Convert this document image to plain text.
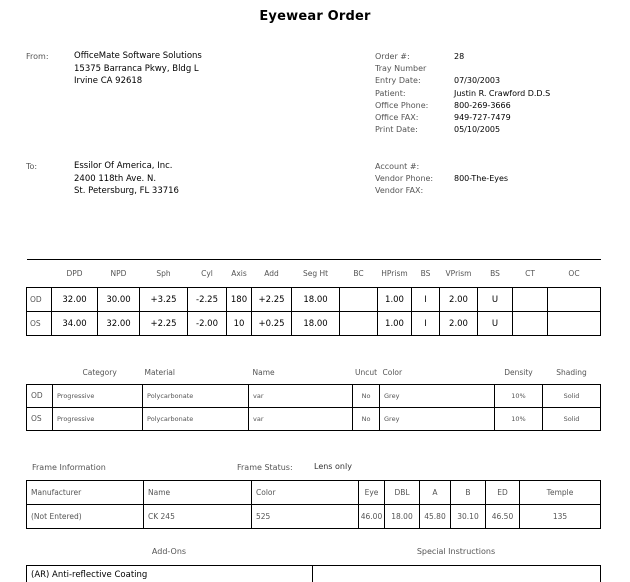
Eyewear Order
From:	OfficeMate Software Solutions
15375 Barranca Pkwy, Bldg L
Irvine CA 92618
Order #:	28
Tray Number
Entry Date:	07/30/2003
Patient:	Justin R. Crawford D.D.S
Office Phone:	800-269-3666
Office FAX:	949-727-7479
Print Date:	05/10/2005
To:	Essilor Of America, Inc.
2400 118th Ave. N.
St. Petersburg, FL 33716
Account #:
Vendor Phone:	800-The-Eyes
Vendor FAX:
	DPD	NPD	Sph	Cyl	Axis	Add	Seg Ht	BC	HPrism	BS	VPrism	BS	CT	OC
OD	32.00	30.00	+3.25	-2.25	180	+2.25	18.00		1.00	I	2.00	U		
OS	34.00	32.00	+2.25	-2.00	10	+0.25	18.00		1.00	I	2.00	U		
	Category	Material	Name	Uncut	Color	Density	Shading
OD	Progressive	Polycarbonate	var	No	Grey	10%	Solid
OS	Progressive	Polycarbonate	var	No	Grey	10%	Solid
Frame Information	Frame Status:	Lens only
Manufacturer	Name	Color	Eye	DBL	A	B	ED	Temple
(Not Entered)	CK 245	525	46.00	18.00	45.80	30.10	46.50	135
Add-Ons	Special Instructions
(AR) Anti-reflective Coating	
